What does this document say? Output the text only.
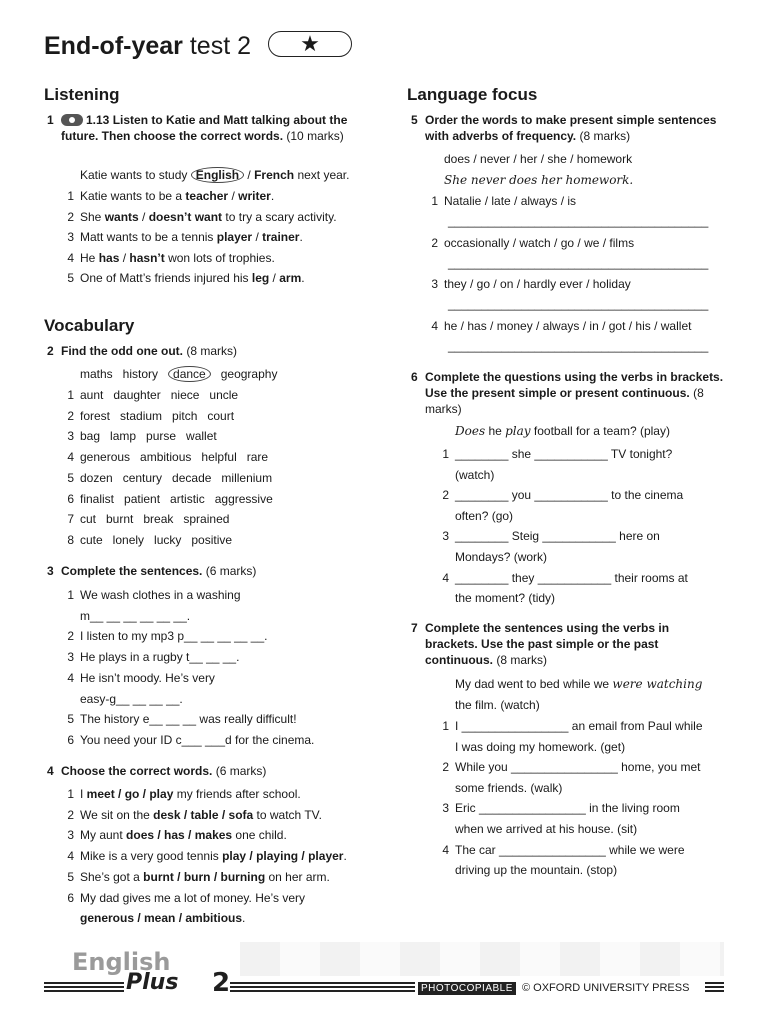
End-of-year test 2 ★
Listening
1	1.13 Listen to Katie and Matt talking about the future. Then choose the correct words. (10 marks)
Katie wants to study English / French next year.
1 Katie wants to be a teacher / writer.
2 She wants / doesn’t want to try a scary activity.
3 Matt wants to be a tennis player / trainer.
4 He has / hasn’t won lots of trophies.
5 One of Matt’s friends injured his leg / arm.
Vocabulary
2 Find the odd one out. (8 marks)
maths   history   dance   geography
1 aunt   daughter   niece   uncle
2 forest   stadium   pitch   court
3 bag   lamp   purse   wallet
4 generous   ambitious   helpful   rare
5 dozen   century   decade   millenium
6 finalist   patient   artistic   aggressive
7 cut   burnt   break   sprained
8 cute   lonely   lucky   positive
3 Complete the sentences. (6 marks)
1 We wash clothes in a washing
m__ __ __ __ __ __.
2 I listen to my mp3 p__ __ __ __ __.
3 He plays in a rugby t__ __ __.
4 He isn’t moody. He’s very
easy-g__ __ __ __.
5 The history e__ __ __ was really difficult!
6 You need your ID c___ ___d for the cinema.
4 Choose the correct words. (6 marks)
1 I meet / go / play my friends after school.
2 We sit on the desk / table / sofa to watch TV.
3 My aunt does / has / makes one child.
4 Mike is a very good tennis play / playing / player.
5 She’s got a burnt / burn / burning on her arm.
6 My dad gives me a lot of money. He’s very
generous / mean / ambitious.
Language focus
5 Order the words to make present simple sentences with adverbs of frequency. (8 marks)
does / never / her / she / homework
She never does her homework.
1 Natalie / late / always / is
_______________________________________
2 occasionally / watch / go / we / films
_______________________________________
3 they / go / on / hardly ever / holiday
_______________________________________
4 he / has / money / always / in / got / his / wallet
_______________________________________
6 Complete the questions using the verbs in brackets. Use the present simple or present continuous. (8 marks)
Does he play football for a team? (play)
1 ________ she ___________ TV tonight?
(watch)
2 ________ you ___________ to the cinema
often? (go)
3 ________ Steig ___________ here on
Mondays? (work)
4 ________ they ___________ their rooms at
the moment? (tidy)
7 Complete the sentences using the verbs in brackets. Use the past simple or the past continuous. (8 marks)
My dad went to bed while we were watching
the film. (watch)
1 I ________________ an email from Paul while
I was doing my homework. (get)
2 While you ________________ home, you met
some friends. (walk)
3 Eric ________________ in the living room
when we arrived at his house. (sit)
4 The car ________________ while we were
driving up the mountain. (stop)
English
Plus 2	PHOTOCOPIABLE © OXFORD UNIVERSITY PRESS
